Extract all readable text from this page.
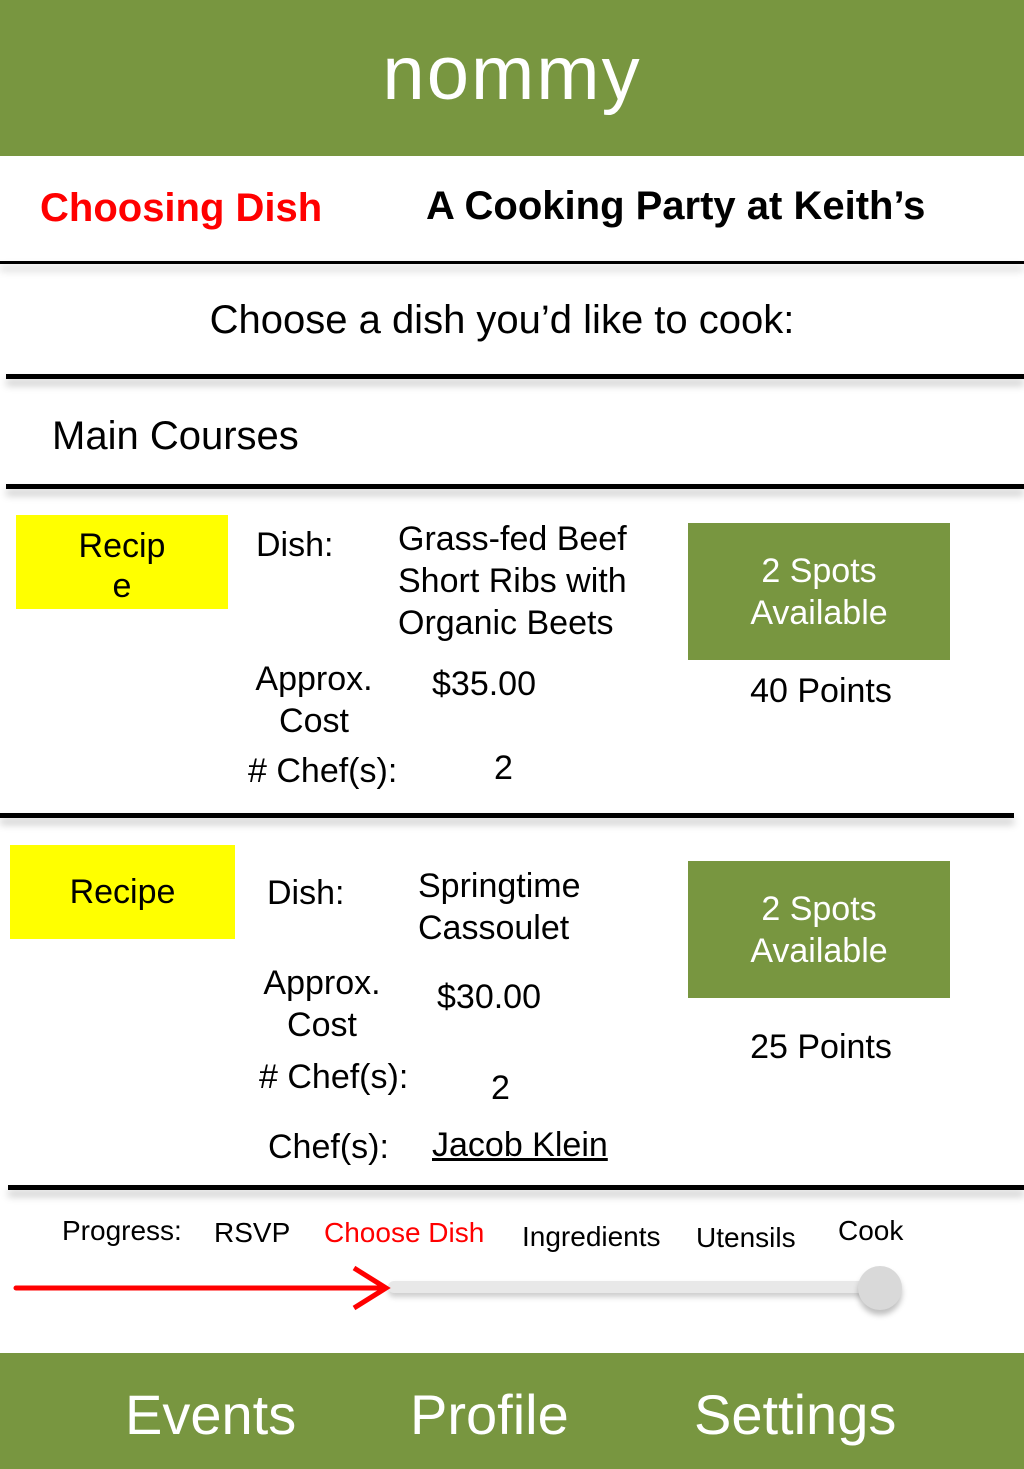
nommy
Choosing Dish	A Cooking Party at Keith’s
Choose a dish you’d like to cook:
Main Courses
Recipe
Dish: Grass-fed Beef Short Ribs with Organic Beets
Approx. Cost
$35.00
# Chef(s):	2
2 Spots Available
40 Points
Recipe	Dish: Springtime Cassoulet
Approx. Cost
$30.00
# Chef(s): 2
Chef(s): Jacob Klein
2 Spots Available
25 Points
Progress: RSVP Choose Dish Ingredients Utensils Cook
Events Profile Settings
